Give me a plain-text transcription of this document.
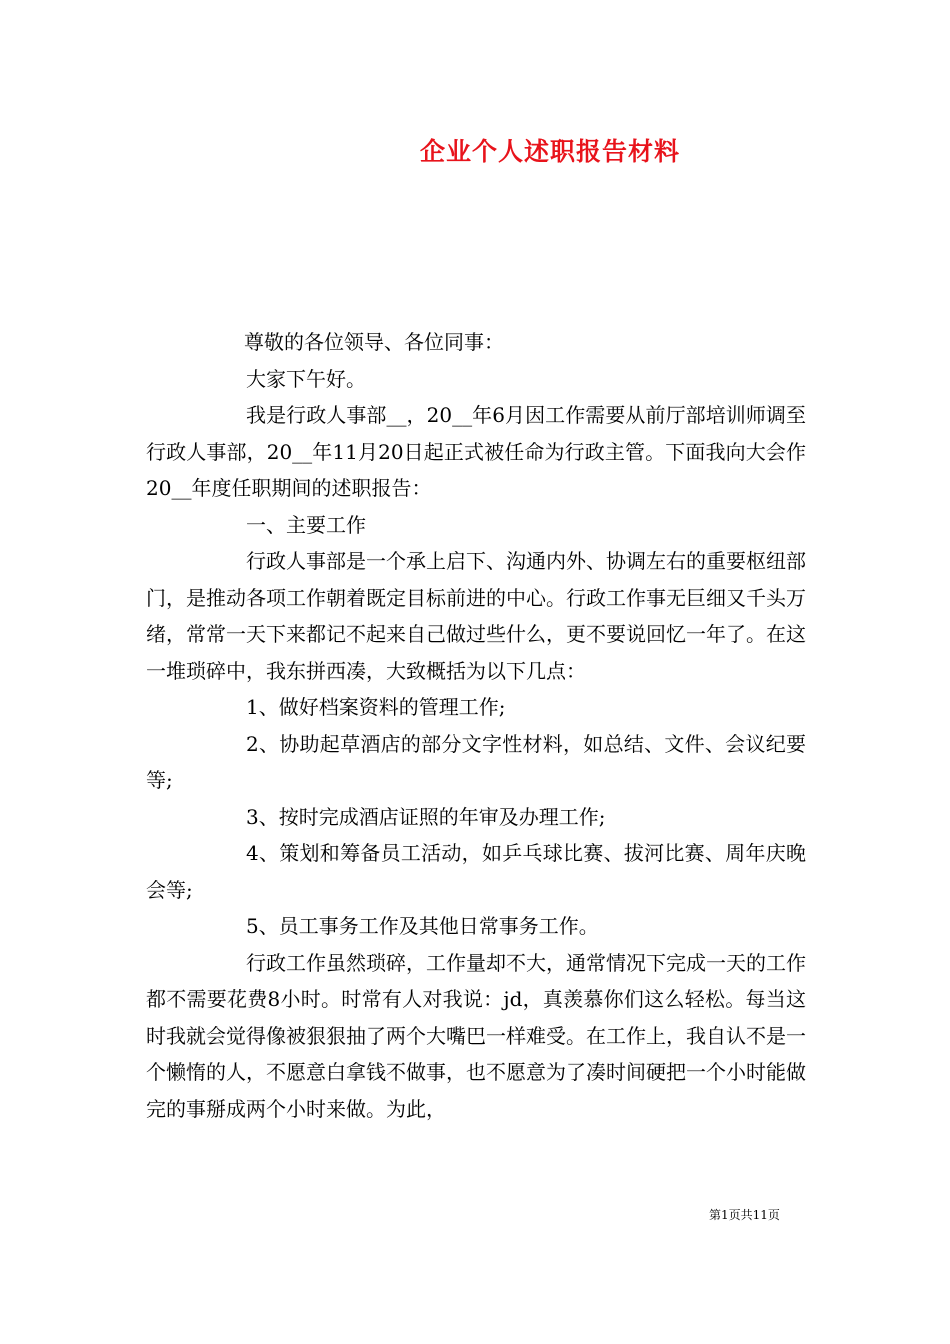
企业个人述职报告材料

尊敬的各位领导、各位同事：

大家下午好。

我是行政人事部__，20__年6月因工作需要从前厅部培训师调至行政人事部，20__年11月20日起正式被任命为行政主管。下面我向大会作20__年度任职期间的述职报告：

一、主要工作

行政人事部是一个承上启下、沟通内外、协调左右的重要枢纽部门，是推动各项工作朝着既定目标前进的中心。行政工作事无巨细又千头万绪，常常一天下来都记不起来自己做过些什么，更不要说回忆一年了。在这一堆琐碎中，我东拼西凑，大致概括为以下几点：

1、做好档案资料的管理工作;

2、协助起草酒店的部分文字性材料，如总结、文件、会议纪要等;

3、按时完成酒店证照的年审及办理工作;

4、策划和筹备员工活动，如乒乓球比赛、拔河比赛、周年庆晚会等;

5、员工事务工作及其他日常事务工作。

行政工作虽然琐碎，工作量却不大，通常情况下完成一天的工作都不需要花费8小时。时常有人对我说：jd，真羡慕你们这么轻松。每当这时我就会觉得像被狠狠抽了两个大嘴巴一样难受。在工作上，我自认不是一个懒惰的人，不愿意白拿钱不做事，也不愿意为了凑时间硬把一个小时能做完的事掰成两个小时来做。为此，

第1页共11页
